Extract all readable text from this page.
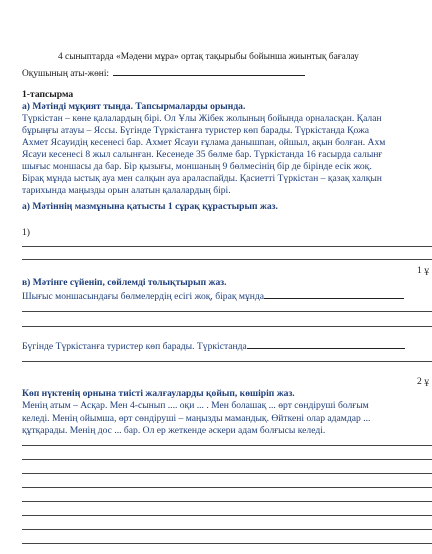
4 сыныптарда «Мәдени мұра» ортақ тақырыбы бойынша жиынтық бағалау
Оқушының аты-жөні:
1-тапсырма
а) Мәтінді мұқият тыңда. Тапсырмаларды орында.
Түркістан – көне қалалардың бірі. Ол Ұлы Жібек жолының бойында орналасқан. Қалан
бұрыңғы атауы – Яссы. Бүгінде Түркістанға туристер көп барады. Түркістанда Қожа
Ахмет Ясауидің кесенесі бар. Ахмет Ясауи ғұлама данышпан, ойшыл, ақын болған. Ахм
Ясауи кесенесі 8 жыл салынған. Кесенеде 35 бөлме бар. Түркістанда 16 ғасырда салынғ
шығыс моншасы да бар. Бір қызығы, моншаның 9 бөлмесінің бір де бірінде есік жоқ.
Бірақ мұнда ыстық ауа мен салқын ауа араласпайды. Қасиетті Түркістан – қазақ халқын
тарихында маңызды орын алатын қалалардың бірі.
а) Мәтіннің мазмұнына қатысты 1 сұрақ құрастырып жаз.
1)
1 ұ
в) Мәтінге сүйеніп, сөйлемді толықтырып жаз.
Шығыс моншасындағы бөлмелердің есігі жоқ, бірақ мұнда
Бүгінде Түркістанға туристер көп барады. Түркістанда
2 ұ
Көп нүктенің орнына тиісті жалғауларды қойып, көшіріп жаз.
Менің атым – Асқар. Мен 4-сынып .... оқи ... . Мен болашақ ... өрт сөндіруші болғым
келеді. Менің ойымша, өрт сөндіруші – маңызды мамандық. Өйткені олар адамдар ...
құтқарады. Менің дос ... бар. Ол ер жеткенде әскери адам болғысы келеді.
